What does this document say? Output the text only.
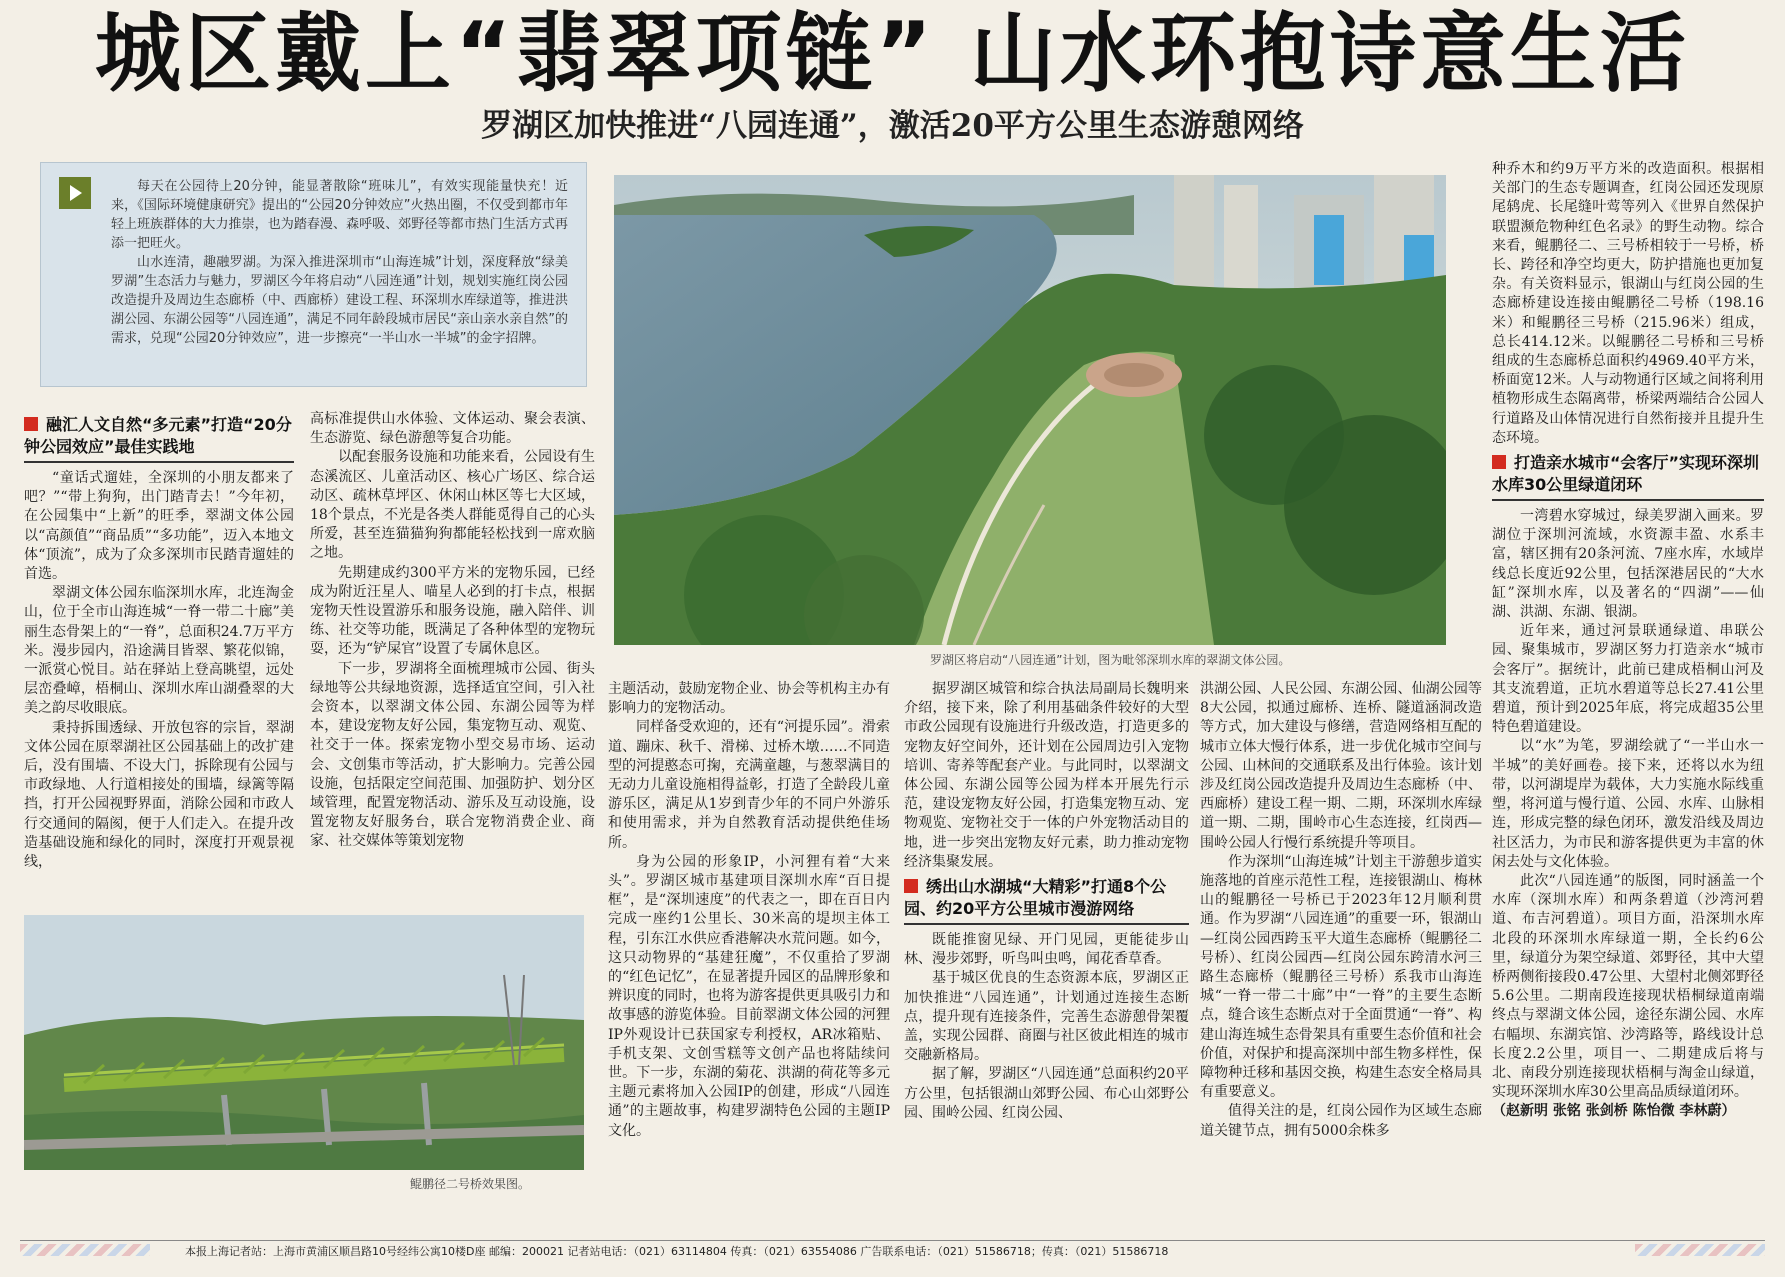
城区戴上“翡翠项链” 山水环抱诗意生活
罗湖区加快推进“八园连通”，激活20平方公里生态游憩网络

每天在公园待上20分钟，能显著散除“班味儿”，有效实现能量快充！近来，《国际环境健康研究》提出的“公园20分钟效应”火热出圈，不仅受到都市年轻上班族群体的大力推崇，也为踏春漫、森呼吸、郊野径等都市热门生活方式再添一把旺火。

山水连清，趣融罗湖。为深入推进深圳市“山海连城”计划，深度释放“绿美罗湖”生态活力与魅力，罗湖区今年将启动“八园连通”计划，规划实施红岗公园改造提升及周边生态廊桥（中、西廊桥）建设工程、环深圳水库绿道等，推进洪湖公园、东湖公园等“八园连通”，满足不同年龄段城市居民“亲山亲水亲自然”的需求，兑现“公园20分钟效应”，进一步擦亮“一半山水一半城”的金字招牌。

罗湖区将启动“八园连通”计划，图为毗邻深圳水库的翠湖文体公园。
鲲鹏径二号桥效果图。
融汇人文自然“多元素”打造“20分钟公园效应”最佳实践地

“童话式遛娃，全深圳的小朋友都来了吧？”“带上狗狗，出门踏青去！”今年初，在公园集中“上新”的旺季，翠湖文体公园以“高颜值”“商品质”“多功能”，迈入本地文体“顶流”，成为了众多深圳市民踏青遛娃的首选。

翠湖文体公园东临深圳水库，北连淘金山，位于全市山海连城“一脊一带二十廊”美丽生态骨架上的“一脊”，总面积24.7万平方米。漫步园内，沿途满目皆翠、繁花似锦，一派赏心悦目。站在驿站上登高眺望，远处层峦叠嶂，梧桐山、深圳水库山湖叠翠的大美之韵尽收眼底。

秉持拆围透绿、开放包容的宗旨，翠湖文体公园在原翠湖社区公园基础上的改扩建后，没有围墙、不设大门，拆除现有公园与市政绿地、人行道相接处的围墙，绿篱等隔挡，打开公园视野界面，消除公园和市政人行交通间的隔阂，便于人们走入。在提升改造基础设施和绿化的同时，深度打开观景视线，

高标准提供山水体验、文体运动、聚会表演、生态游览、绿色游憩等复合功能。

以配套服务设施和功能来看，公园设有生态溪流区、儿童活动区、核心广场区、综合运动区、疏林草坪区、休闲山林区等七大区域，18个景点，不光是各类人群能觅得自己的心头所爱，甚至连猫猫狗狗都能轻松找到一席欢脑之地。

先期建成约300平方米的宠物乐园，已经成为附近汪星人、喵星人必到的打卡点，根据宠物天性设置游乐和服务设施，融入陪伴、训练、社交等功能，既满足了各种体型的宠物玩耍，还为“铲屎官”设置了专属休息区。

下一步，罗湖将全面梳理城市公园、街头绿地等公共绿地资源，选择适宜空间，引入社会资本，以翠湖文体公园、东湖公园等为样本，建设宠物友好公园，集宠物互动、观览、社交于一体。探索宠物小型交易市场、运动会、文创集市等活动，扩大影响力。完善公园设施，包括限定空间范围、加强防护、划分区域管理，配置宠物活动、游乐及互动设施，设置宠物友好服务台，联合宠物消费企业、商家、社交媒体等策划宠物

主题活动，鼓励宠物企业、协会等机构主办有影响力的宠物活动。

同样备受欢迎的，还有“河提乐园”。滑索道、蹦床、秋千、滑梯、过桥木墩……不同造型的河提憨态可掬，充满童趣，与葱翠满目的无动力儿童设施相得益彰，打造了全龄段儿童游乐区，满足从1岁到青少年的不同户外游乐和使用需求，并为自然教育活动提供绝佳场所。

身为公园的形象IP，小河狸有着“大来头”。罗湖区城市基建项目深圳水库“百日提框”，是“深圳速度”的代表之一，即在百日内完成一座约1公里长、30米高的堤坝主体工程，引东江水供应香港解决水荒问题。如今，这只动物界的“基建狂魔”，不仅重拾了罗湖的“红色记忆”，在显著提升园区的品牌形象和辨识度的同时，也将为游客提供更具吸引力和故事感的游览体验。目前翠湖文体公园的河狸IP外观设计已获国家专利授权，AR冰箱贴、手机支架、文创雪糕等文创产品也将陆续问世。下一步，东湖的菊花、洪湖的荷花等多元主题元素将加入公园IP的创建，形成“八园连通”的主题故事，构建罗湖特色公园的主题IP文化。

据罗湖区城管和综合执法局副局长魏明来介绍，接下来，除了利用基础条件较好的大型市政公园现有设施进行升级改造，打造更多的宠物友好空间外，还计划在公园周边引入宠物培训、寄养等配套产业。与此同时，以翠湖文体公园、东湖公园等公园为样本开展先行示范，建设宠物友好公园，打造集宠物互动、宠物观览、宠物社交于一体的户外宠物活动目的地，进一步突出宠物友好元素，助力推动宠物经济集聚发展。

绣出山水湖城“大精彩”打通8个公园、约20平方公里城市漫游网络

既能推窗见绿、开门见园，更能徒步山林、漫步郊野，听鸟叫虫鸣，闻花香草香。

基于城区优良的生态资源本底，罗湖区正加快推进“八园连通”，计划通过连接生态断点，提升现有连接条件，完善生态游憩骨架覆盖，实现公园群、商圈与社区彼此相连的城市交融新格局。

据了解，罗湖区“八园连通”总面积约20平方公里，包括银湖山郊野公园、布心山郊野公园、围岭公园、红岗公园、

洪湖公园、人民公园、东湖公园、仙湖公园等8大公园，拟通过廊桥、连桥、隧道涵洞改造等方式，加大建设与修缮，营造网络相互配的城市立体大慢行体系，进一步优化城市空间与公园、山林间的交通联系及出行体验。该计划涉及红岗公园改造提升及周边生态廊桥（中、西廊桥）建设工程一期、二期，环深圳水库绿道一期、二期，围岭市心生态连接，红岗西—围岭公园人行慢行系统提升等项目。

作为深圳“山海连城”计划主干游憩步道实施落地的首座示范性工程，连接银湖山、梅林山的鲲鹏径一号桥已于2023年12月顺利贯通。作为罗湖“八园连通”的重要一环，银湖山—红岗公园西跨玉平大道生态廊桥（鲲鹏径二号桥）、红岗公园西—红岗公园东跨清水河三路生态廊桥（鲲鹏径三号桥）系我市山海连城“一脊一带二十廊”中“一脊”的主要生态断点，缝合该生态断点对于全面贯通“一脊”、构建山海连城生态骨架具有重要生态价值和社会价值，对保护和提高深圳中部生物多样性，保障物种迁移和基因交换，构建生态安全格局具有重要意义。

值得关注的是，红岗公园作为区域生态廊道关键节点，拥有5000余株多

种乔木和约9万平方米的改造面积。根据相关部门的生态专题调查，红岗公园还发现原尾鸫虎、长尾缝叶莺等列入《世界自然保护联盟濒危物种红色名录》的野生动物。综合来看，鲲鹏径二、三号桥相较于一号桥，桥长、跨径和净空均更大，防护措施也更加复杂。有关资料显示，银湖山与红岗公园的生态廊桥建设连接由鲲鹏径二号桥（198.16米）和鲲鹏径三号桥（215.96米）组成，总长414.12米。以鲲鹏径二号桥和三号桥组成的生态廊桥总面积约4969.40平方米，桥面宽12米。人与动物通行区域之间将利用植物形成生态隔离带，桥梁两端结合公园人行道路及山体情况进行自然衔接并且提升生态环境。

打造亲水城市“会客厅”实现环深圳水库30公里绿道闭环

一湾碧水穿城过，绿美罗湖入画来。罗湖位于深圳河流域，水资源丰盈、水系丰富，辖区拥有20条河流、7座水库，水域岸线总长度近92公里，包括深港居民的“大水缸”深圳水库，以及著名的“四湖”——仙湖、洪湖、东湖、银湖。

近年来，通过河景联通绿道、串联公园、聚集城市，罗湖区努力打造亲水“城市会客厅”。据统计，此前已建成梧桐山河及其支流碧道，正坑水碧道等总长27.41公里碧道，预计到2025年底，将完成超35公里特色碧道建设。

以“水”为笔，罗湖绘就了“一半山水一半城”的美好画卷。接下来，还将以水为纽带，以河湖堤岸为载体，大力实施水际线重塑，将河道与慢行道、公园、水库、山脉相连，形成完整的绿色闭环，激发沿线及周边社区活力，为市民和游客提供更为丰富的休闲去处与文化体验。

此次“八园连通”的版图，同时涵盖一个水库（深圳水库）和两条碧道（沙湾河碧道、布吉河碧道）。项目方面，沿深圳水库北段的环深圳水库绿道一期，全长约6公里，绿道分为架空绿道、郊野径，其中大望桥两侧衔接段0.47公里、大望村北侧郊野径5.6公里。二期南段连接现状梧桐绿道南端终点与翠湖文体公园，途径东湖公园、水库右幅坝、东湖宾馆、沙湾路等，路线设计总长度2.2公里，项目一、二期建成后将与北、南段分别连接现状梧桐与淘金山绿道，实现环深圳水库30公里高品质绿道闭环。

（赵新明 张铭 张剑桥 陈怡微 李林蔚）

本报上海记者站：上海市黄浦区顺昌路10号经纬公寓10楼D座 邮编：200021 记者站电话：（021）63114804 传真：（021）63554086 广告联系电话：（021）51586718；传真：（021）51586718
